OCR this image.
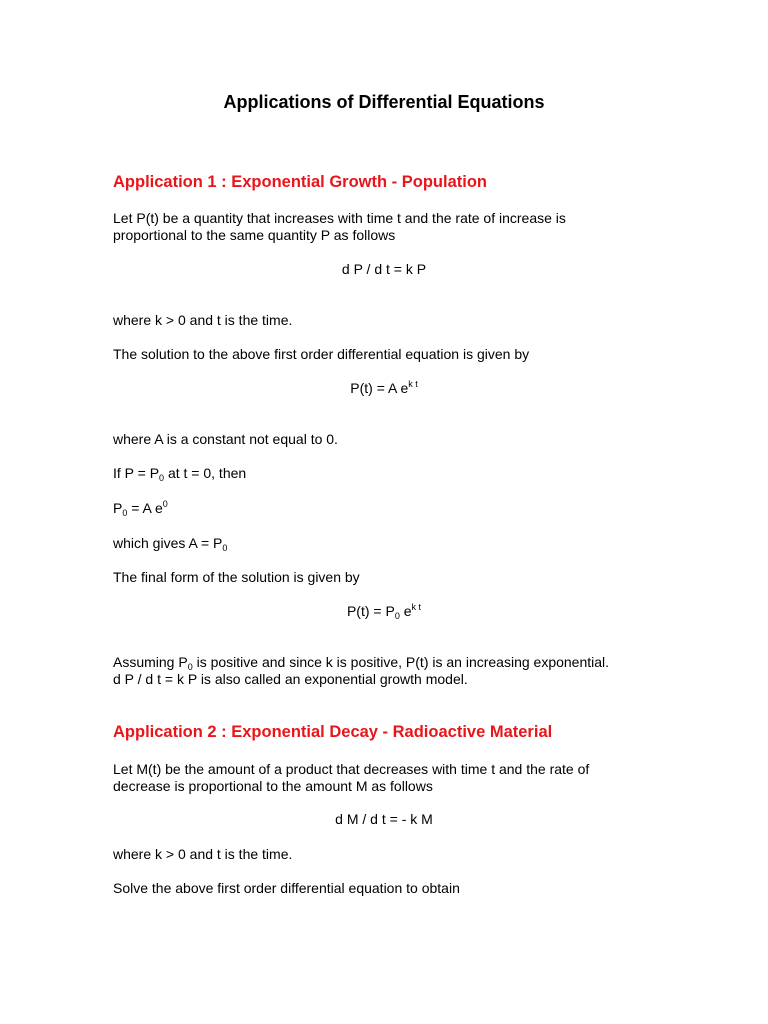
Applications of Differential Equations
Application 1 : Exponential Growth - Population
Let P(t) be a quantity that increases with time t and the rate of increase is
proportional to the same quantity P as follows
d P / d t = k P
where k > 0 and t is the time.
The solution to the above first order differential equation is given by
P(t) = A $e^{k t}$
where A is a constant not equal to 0.
If $P = P_0$ at t = 0, then
$P_0 = A$ $e^0$
which gives $A = P_0$
The final form of the solution is given by
$P(t) = P_0$ $e^{k t}$
Assuming $P_0$ is positive and since k is positive, P(t) is an increasing exponential.
d P / d t = k P is also called an exponential growth model.
Application 2 : Exponential Decay - Radioactive Material
Let M(t) be the amount of a product that decreases with time t and the rate of
decrease is proportional to the amount M as follows
d M / d t = - k M
where k > 0 and t is the time.
Solve the above first order differential equation to obtain
